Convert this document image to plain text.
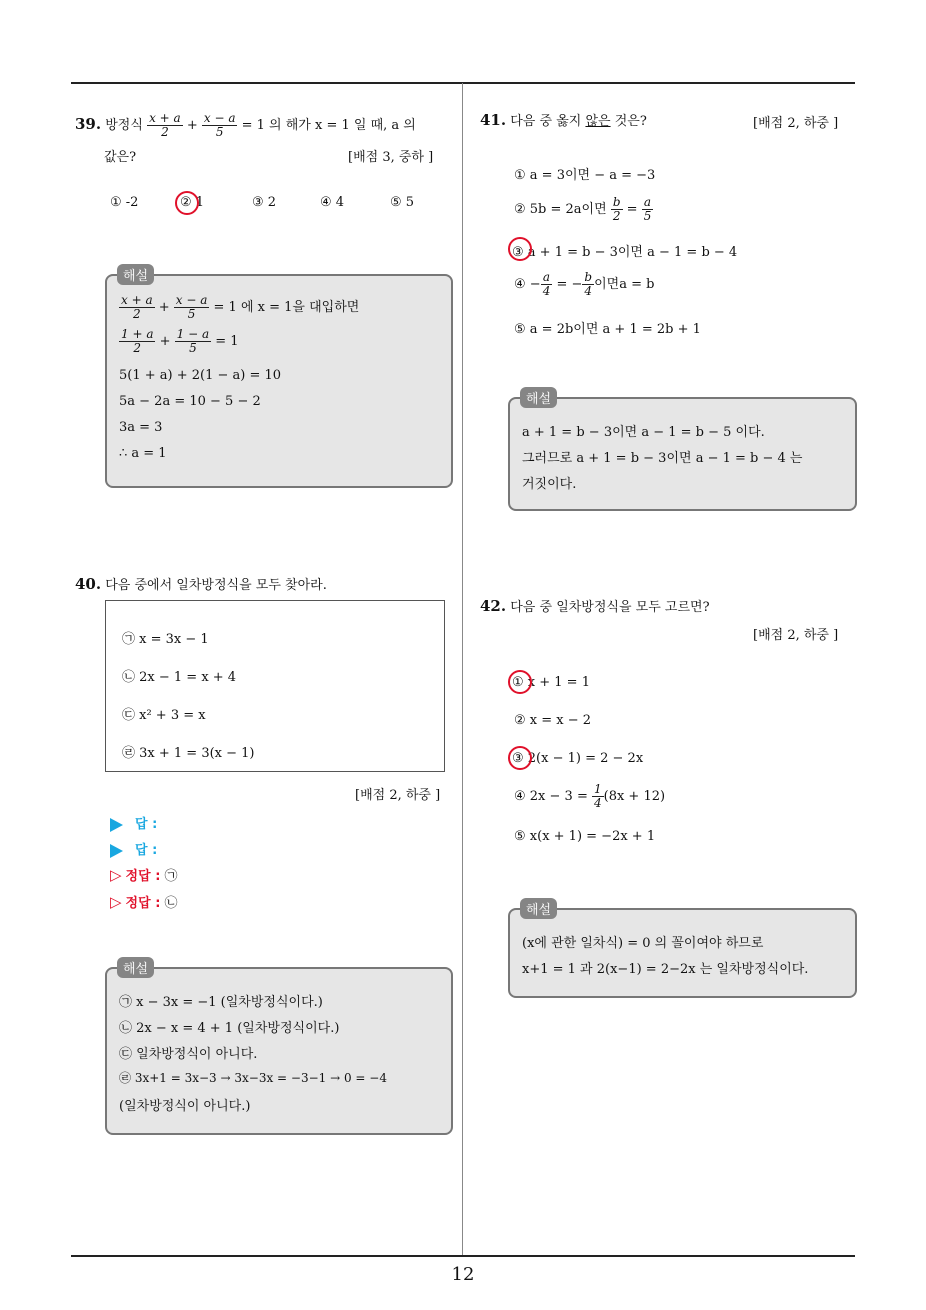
12
39. 방정식 $\frac{x + a}{2} + \frac{x - a}{5} = 1$ 의 해가 x = 1 일 때, a 의
값은?	[배점 3, 중하 ]
① -2	② 1	③ 2	④ 4	⑤ 5
해설
$\frac{x + a}{2} + \frac{x - a}{5} = 1$ 에 x = 1을 대입하면
$\frac{1 + a}{2} + \frac{1 - a}{5} = 1$
5(1 + a) + 2(1 − a) = 10
5a − 2a = 10 − 5 − 2
3a = 3
∴ a = 1
40. 다음 중에서 일차방정식을 모두 찾아라.
㉠ x = 3x − 1
㉡ 2x − 1 = x + 4
㉢ x² + 3 = x
㉣ 3x + 1 = 3(x − 1)
[배점 2, 하중 ]
답 :
답 :
▷ 정답 : ㉠
▷ 정답 : ㉡
해설
㉠ x − 3x = −1 (일차방정식이다.)
㉡ 2x − x = 4 + 1 (일차방정식이다.)
㉢ 일차방정식이 아니다.
㉣ 3x+1 = 3x−3 → 3x−3x = −3−1 → 0 = −4
(일차방정식이 아니다.)
41. 다음 중 옳지 않은 것은?	[배점 2, 하중 ]
① a = 3이면 − a = −3
② 5b = 2a이면 $\frac{b}{2} = \frac{a}{5}$
③ a + 1 = b − 3이면 a − 1 = b − 4
④ − $\frac{a}{4}$ = − $\frac{b}{4}$ 이면a = b
⑤ a = 2b이면 a + 1 = 2b + 1
해설
a + 1 = b − 3이면 a − 1 = b − 5 이다.
그러므로 a + 1 = b − 3이면 a − 1 = b − 4 는
거짓이다.
42. 다음 중 일차방정식을 모두 고르면?
[배점 2, 하중 ]
① x + 1 = 1
② x = x − 2
③ 2(x − 1) = 2 − 2x
④ $2x - 3 = \frac{1}{4} (8x + 12)$
⑤ x(x + 1) = −2x + 1
해설
(x에 관한 일차식) = 0 의 꼴이여야 하므로
x+1 = 1 과 2(x−1) = 2−2x 는 일차방정식이다.
